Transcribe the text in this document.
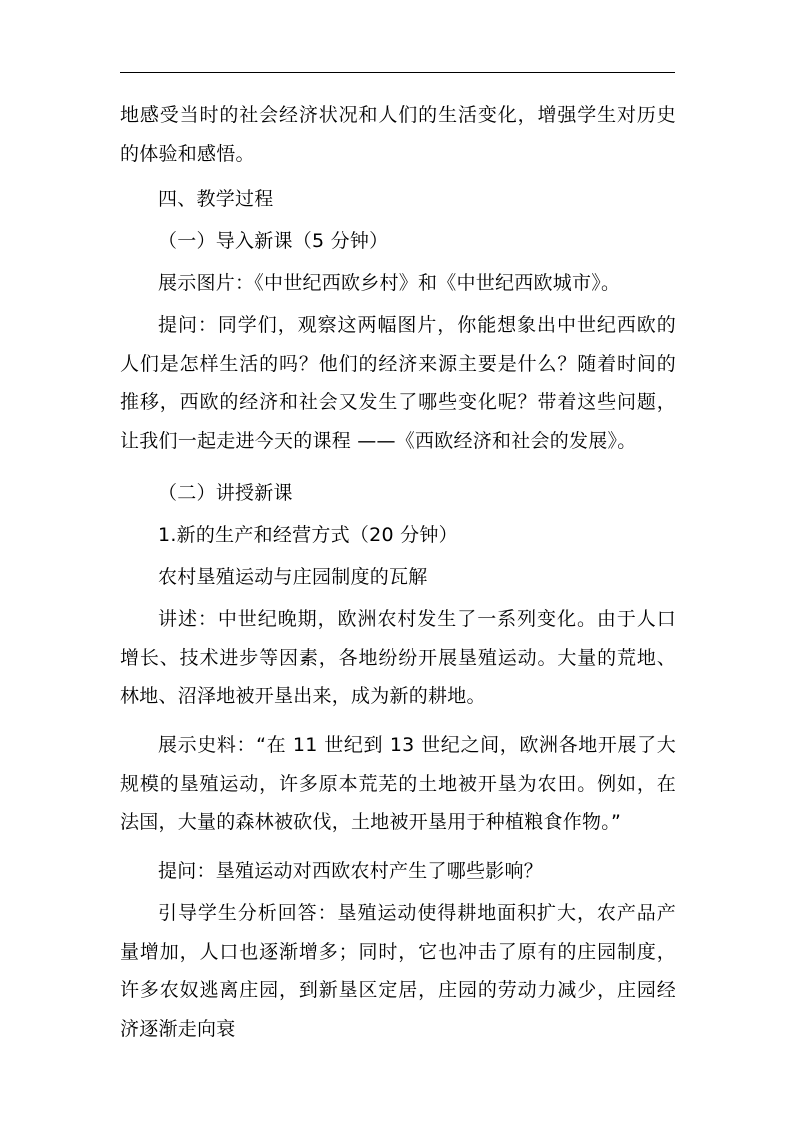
地感受当时的社会经济状况和人们的生活变化，增强学生对历史的体验和感悟。

四、教学过程

（一）导入新课（5 分钟）

展示图片：《中世纪西欧乡村》和《中世纪西欧城市》。

提问：同学们，观察这两幅图片，你能想象出中世纪西欧的人们是怎样生活的吗？他们的经济来源主要是什么？随着时间的推移，西欧的经济和社会又发生了哪些变化呢？带着这些问题，让我们一起走进今天的课程 ——《西欧经济和社会的发展》。

（二）讲授新课

1.新的生产和经营方式（20 分钟）

农村垦殖运动与庄园制度的瓦解

讲述：中世纪晚期，欧洲农村发生了一系列变化。由于人口增长、技术进步等因素，各地纷纷开展垦殖运动。大量的荒地、林地、沼泽地被开垦出来，成为新的耕地。

展示史料：“在 11 世纪到 13 世纪之间，欧洲各地开展了大规模的垦殖运动，许多原本荒芜的土地被开垦为农田。例如，在法国，大量的森林被砍伐，土地被开垦用于种植粮食作物。”

提问：垦殖运动对西欧农村产生了哪些影响？

引导学生分析回答：垦殖运动使得耕地面积扩大，农产品产量增加，人口也逐渐增多；同时，它也冲击了原有的庄园制度，许多农奴逃离庄园，到新垦区定居，庄园的劳动力减少，庄园经济逐渐走向衰
